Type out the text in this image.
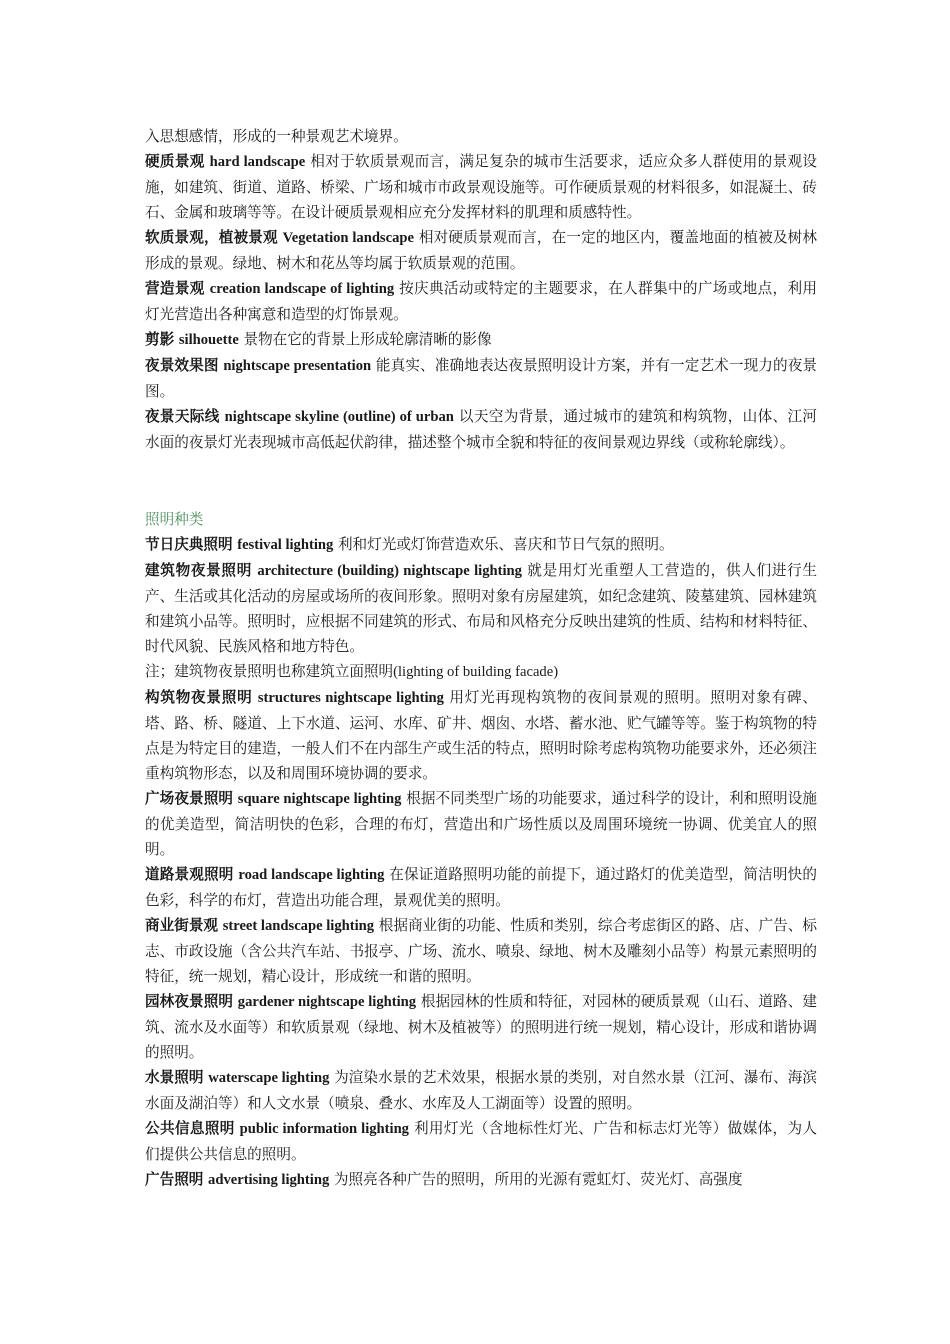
入思想感情，形成的一种景观艺术境界。

硬质景观 hard landscape 相对于软质景观而言，满足复杂的城市生活要求，适应众多人群使用的景观设施，如建筑、街道、道路、桥梁、广场和城市市政景观设施等。可作硬质景观的材料很多，如混凝土、砖石、金属和玻璃等等。在设计硬质景观相应充分发挥材料的肌理和质感特性。

软质景观，植被景观 Vegetation landscape 相对硬质景观而言，在一定的地区内，覆盖地面的植被及树林形成的景观。绿地、树木和花丛等均属于软质景观的范围。

营造景观 creation landscape of lighting 按庆典活动或特定的主题要求，在人群集中的广场或地点，利用灯光营造出各种寓意和造型的灯饰景观。

剪影 silhouette 景物在它的背景上形成轮廓清晰的影像

夜景效果图 nightscape presentation 能真实、准确地表达夜景照明设计方案，并有一定艺术一现力的夜景图。

夜景天际线 nightscape skyline (outline) of urban 以天空为背景，通过城市的建筑和构筑物，山体、江河水面的夜景灯光表现城市高低起伏韵律，描述整个城市全貌和特征的夜间景观边界线（或称轮廓线）。

照明种类

节日庆典照明 festival lighting 利和灯光或灯饰营造欢乐、喜庆和节日气氛的照明。

建筑物夜景照明 architecture (building) nightscape lighting 就是用灯光重塑人工营造的，供人们进行生产、生活或其化活动的房屋或场所的夜间形象。照明对象有房屋建筑，如纪念建筑、陵墓建筑、园林建筑和建筑小品等。照明时，应根据不同建筑的形式、布局和风格充分反映出建筑的性质、结构和材料特征、时代风貌、民族风格和地方特色。

注；建筑物夜景照明也称建筑立面照明(lighting of building facade)

构筑物夜景照明 structures nightscape lighting 用灯光再现构筑物的夜间景观的照明。照明对象有碑、塔、路、桥、隧道、上下水道、运河、水库、矿井、烟囱、水塔、蓄水池、贮气罐等等。鉴于构筑物的特点是为特定目的建造，一般人们不在内部生产或生活的特点，照明时除考虑构筑物功能要求外，还必须注重构筑物形态，以及和周围环境协调的要求。

广场夜景照明 square nightscape lighting 根据不同类型广场的功能要求，通过科学的设计，利和照明设施的优美造型，简洁明快的色彩，合理的布灯，营造出和广场性质以及周围环境统一协调、优美宜人的照明。

道路景观照明 road landscape lighting 在保证道路照明功能的前提下，通过路灯的优美造型，简洁明快的色彩，科学的布灯，营造出功能合理，景观优美的照明。

商业街景观 street landscape lighting 根据商业街的功能、性质和类别，综合考虑街区的路、店、广告、标志、市政设施（含公共汽车站、书报亭、广场、流水、喷泉、绿地、树木及雕刻小品等）构景元素照明的特征，统一规划，精心设计，形成统一和谐的照明。

园林夜景照明 gardener nightscape lighting 根据园林的性质和特征，对园林的硬质景观（山石、道路、建筑、流水及水面等）和软质景观（绿地、树木及植被等）的照明进行统一规划，精心设计，形成和谐协调的照明。

水景照明 waterscape lighting 为渲染水景的艺术效果，根据水景的类别，对自然水景（江河、瀑布、海滨水面及湖泊等）和人文水景（喷泉、叠水、水库及人工湖面等）设置的照明。

公共信息照明 public information lighting 利用灯光（含地标性灯光、广告和标志灯光等）做媒体，为人们提供公共信息的照明。

广告照明 advertising lighting 为照亮各种广告的照明，所用的光源有霓虹灯、荧光灯、高强度
